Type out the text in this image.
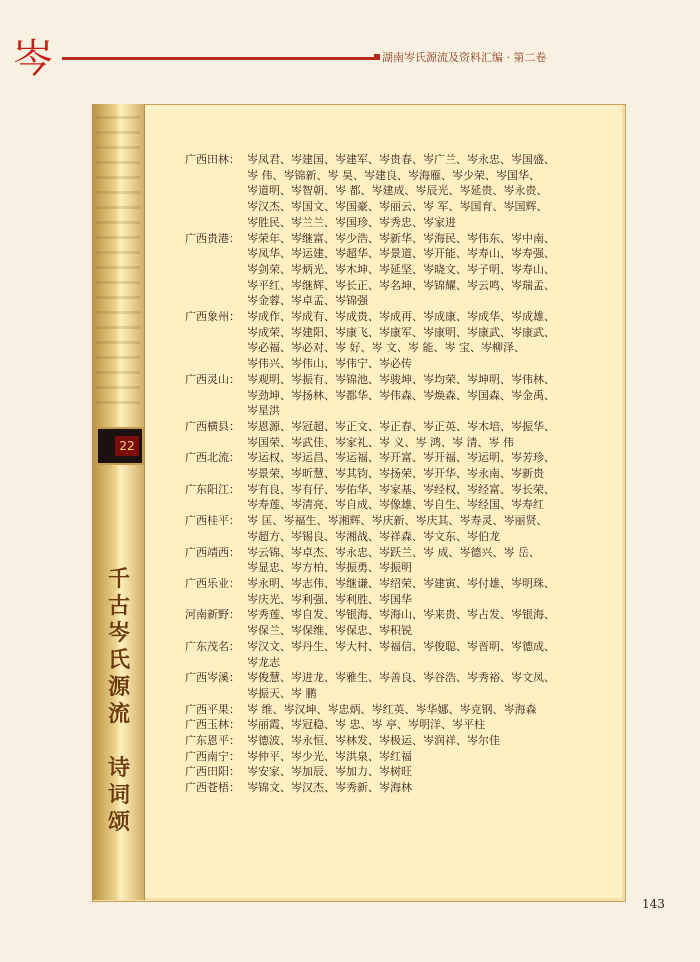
岑	湖南岑氏源流及资料汇编 · 第二卷
22
千
古
岑
氏
源
流

诗
词
颂
广西田林： 岑凤君、岑建国、岑建军、岑贵春、岑广兰、岑永忠、岑国盛、
岑 伟、岑锦新、岑 昊、岑建良、岑海雁、岑少荣、岑国华、
岑道明、岑智朝、岑 都、岑建成、岑辰光、岑延贵、岑永贵、
岑汉杰、岑国文、岑国豪、岑丽云、岑 军、岑国育、岑国辉、
岑胜民、岑兰兰、岑国珍、岑秀忠、岑家进
广西贵港： 岑荣年、岑继富、岑少浩、岑新华、岑海民、岑伟东、岑中南、
岑凤华、岑运建、岑超华、岑景道、岑开能、岑寿山、岑寿强、
岑剑荣、岑炳光、岑木坤、岑延坚、岑晓文、岑子明、岑寿山、
岑平红、岑继辉、岑长正、岑名坤、岑锦耀、岑云鸣、岑瑞孟、
岑金蓉、岑卓孟、岑锦强
广西象州： 岑成作、岑成有、岑成贵、岑成再、岑成康、岑成华、岑成雄、
岑成荣、岑建阳、岑康飞、岑康军、岑康明、岑康武、岑康武、
岑必福、岑必对、岑 好、岑 文、岑 能、岑 宝、岑柳泽、
岑伟兴、岑伟山、岑伟宁、岑必传
广西灵山： 岑观明、岑振有、岑锦池、岑骏坤、岑均荣、岑坤明、岑伟林、
岑劲坤、岑扬林、岑都华、岑伟森、岑焕森、岑国森、岑金禹、
岑星洪
广西横县： 岑恩源、岑冠超、岑正文、岑正春、岑正英、岑木培、岑振华、
岑国荣、岑武佳、岑家礼、岑 义、岑 鸿、岑 清、岑 伟
广西北流： 岑运权、岑运昌、岑运福、岑开富、岑开福、岑运明、岑芳珍、
岑景荣、岑昕慧、岑其钧、岑扬荣、岑开华、岑永南、岑新贵
广东阳江： 岑有良、岑有仔、岑佑华、岑家基、岑经权、岑经富、岑长荣、
岑寿莲、岑清亮、岑自成、岑像雄、岑自生、岑经国、岑寿红
广西桂平： 岑 匡、岑福生、岑湘辉、岑庆新、岑庆其、岑寿灵、岑丽贤、
岑超方、岑锡良、岑湘战、岑祥森、岑文东、岑伯龙
广西靖西： 岑云锦、岑卓杰、岑永忠、岑跃兰、岑 成、岑德兴、岑 岳、
岑显忠、岑方柏、岑振勇、岑振明
广西乐业： 岑永明、岑志伟、岑继谦、岑绍荣、岑建寅、岑付雄、岑明珠、
岑庆光、岑利强、岑利胜、岑国华
河南新野： 岑秀莲、岑自发、岑银海、岑海山、岑来贵、岑占发、岑银海、
岑保兰、岑保维、岑保忠、岑积锐
广东茂名： 岑汉文、岑丹生、岑大村、岑福信、岑俊聪、岑晋明、岑德成、
岑龙志
广西岑溪： 岑俊慧、岑进龙、岑雅生、岑善良、岑谷浩、岑秀裕、岑文凤、
岑振天、岑 鹏
广西平果： 岑 维、岑汉坤、岑忠炳、岑红英、岑华娜、岑克钢、岑海森
广西玉林： 岑丽霞、岑冠稳、岑 忠、岑 亭、岑明洋、岑平柱
广东恩平： 岑德波、岑永恒、岑林发、岑极运、岑润祥、岑尔佳
广西南宁： 岑仲平、岑少光、岑洪泉、岑红福
广西田阳： 岑安家、岑加辰、岑加力、岑树旺
广西苍梧： 岑锦文、岑汉杰、岑秀新、岑海林
143
